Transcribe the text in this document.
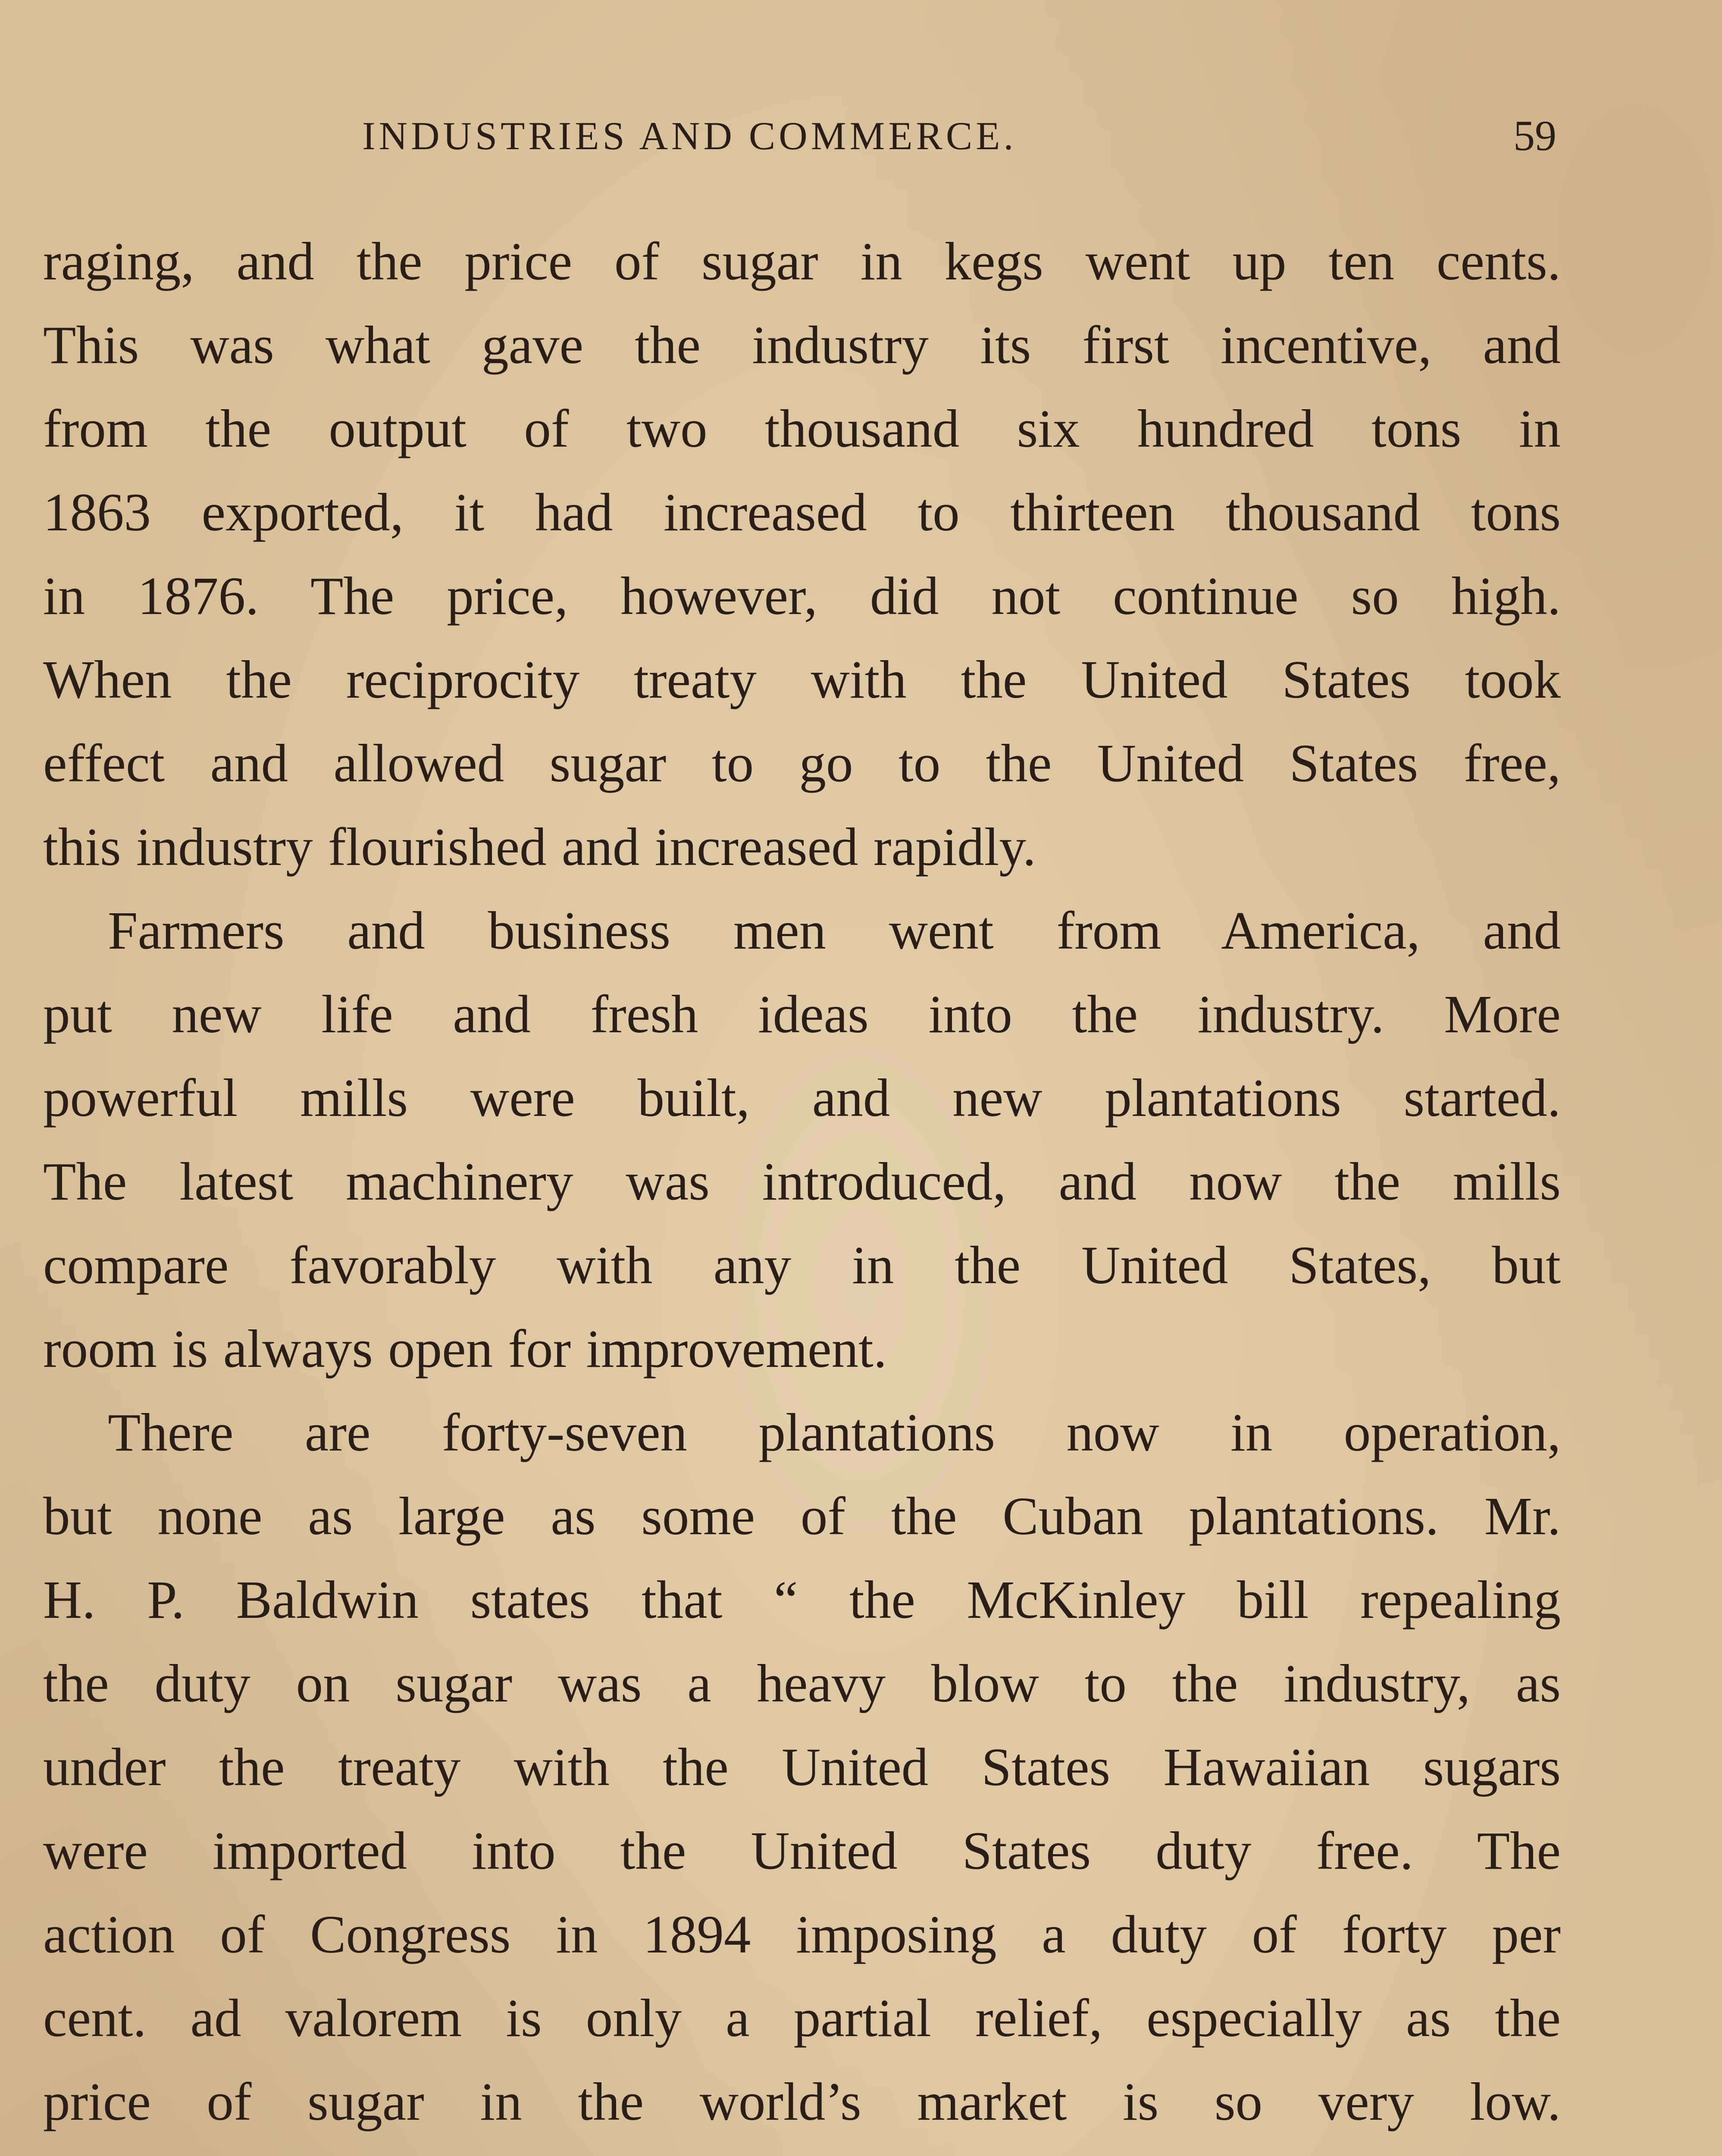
INDUSTRIES AND COMMERCE.	59
raging, and the price of sugar in kegs went up ten cents.
This was what gave the industry its first incentive, and
from the output of two thousand six hundred tons in
1863 exported, it had increased to thirteen thousand tons
in 1876. The price, however, did not continue so high.
When the reciprocity treaty with the United States took
effect and allowed sugar to go to the United States free,
this industry flourished and increased rapidly.
Farmers and business men went from America, and
put new life and fresh ideas into the industry. More
powerful mills were built, and new plantations started.
The latest machinery was introduced, and now the mills
compare favorably with any in the United States, but
room is always open for improvement.
There are forty-seven plantations now in operation,
but none as large as some of the Cuban plantations. Mr.
H. P. Baldwin states that “ the McKinley bill repealing
the duty on sugar was a heavy blow to the industry, as
under the treaty with the United States Hawaiian sugars
were imported into the United States duty free. The
action of Congress in 1894 imposing a duty of forty per
cent. ad valorem is only a partial relief, especially as the
price of sugar in the world’s market is so very low.
